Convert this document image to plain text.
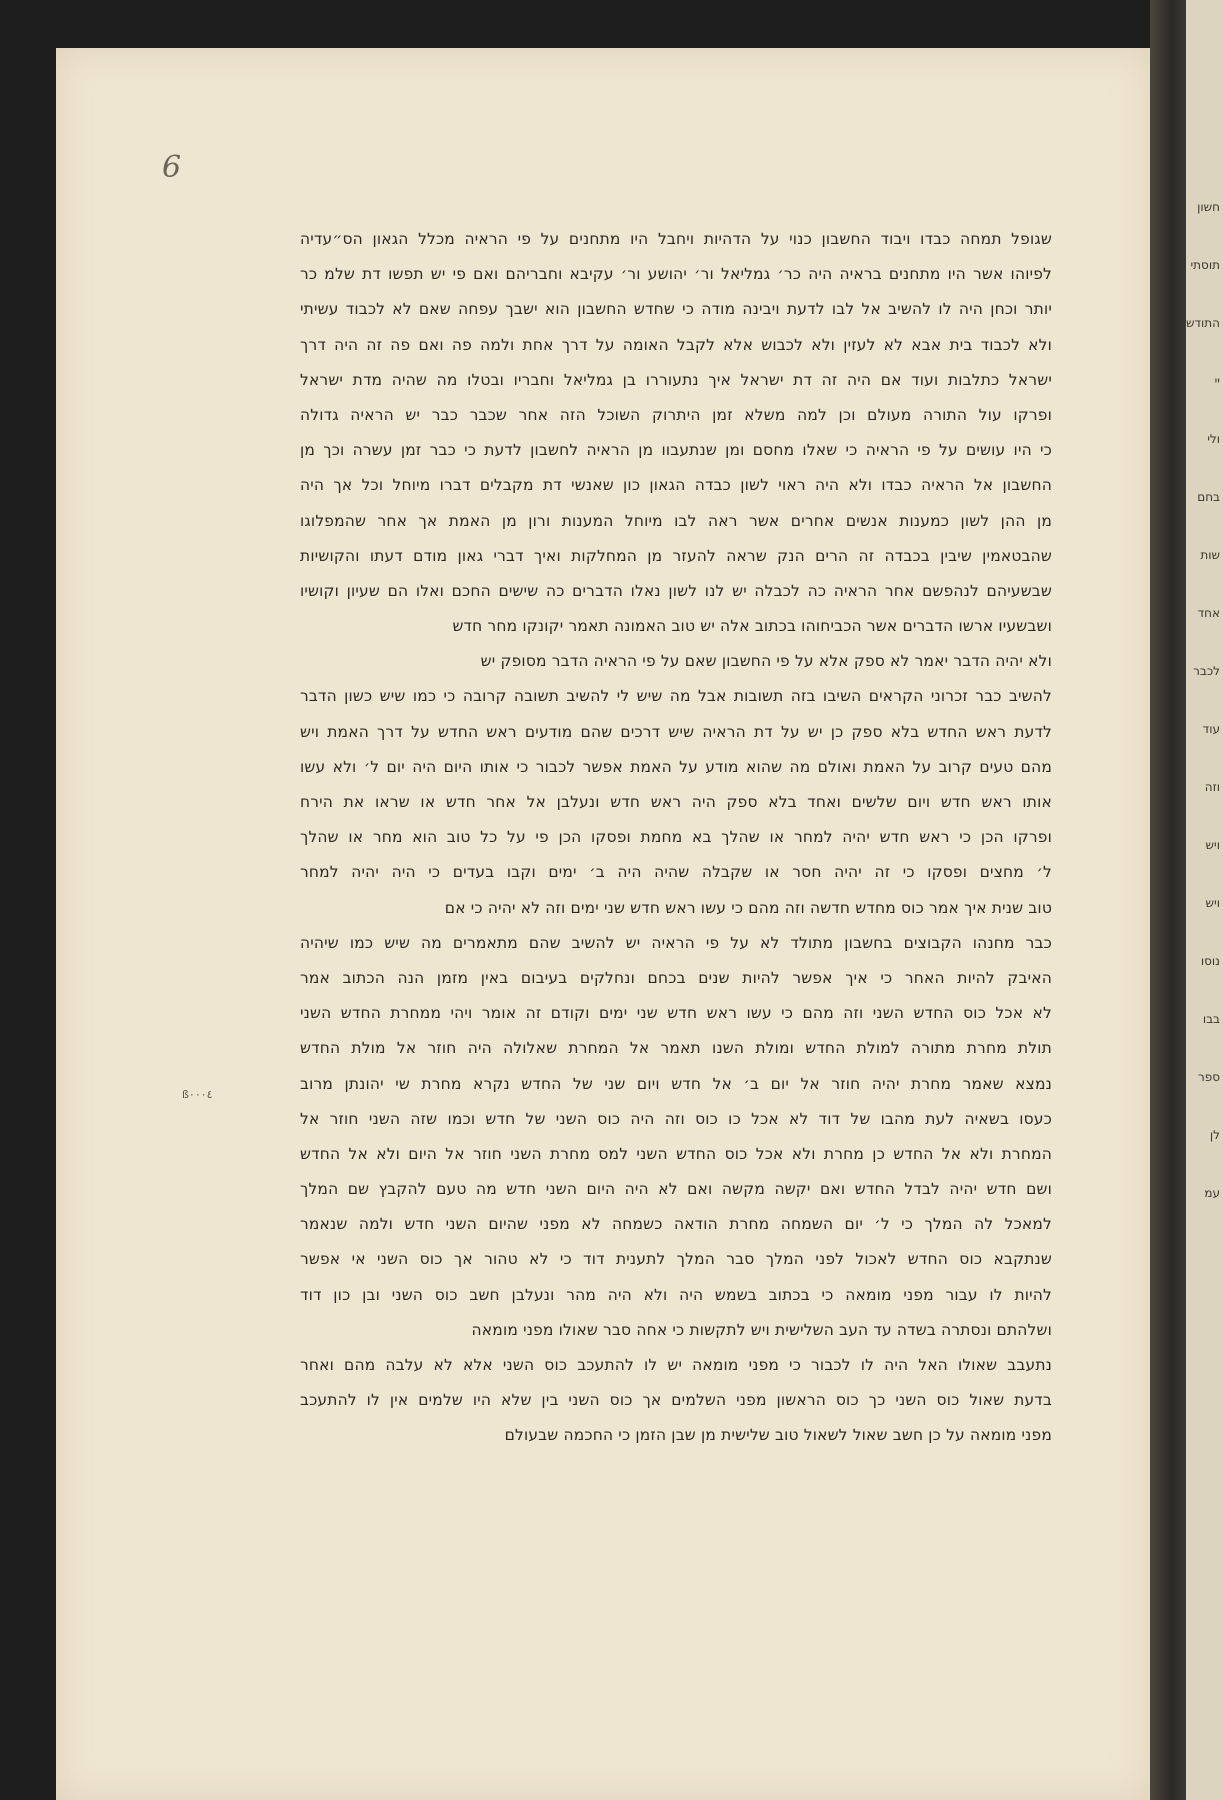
6
ß٠٠٠٤
שגופל תמחה כבדו ויבוד החשבון כנוי על הדהיות ויחבל היו מתחנים על פי הראיה מכלל הגאון הס״עדיה
לפיוהו אשר היו מתחנים בראיה היה כר׳ גמליאל ור׳ יהושע ור׳ עקיבא וחבריהם ואם פי יש תפשו דת שלמ כר
יותר וכחן היה לו להשיב אל לבו לדעת ויבינה מודה כי שחדש החשבון הוא ישבך עפחה שאם לא לכבוד עשיתי
ולא לכבוד בית אבא לא לעזין ולא לכבוש אלא לקבל האומה על דרך אחת ולמה פה ואם פה זה היה דרך
ישראל כתלבות ועוד אם היה זה דת ישראל איך נתעוררו בן גמליאל וחבריו ובטלו מה שהיה מדת ישראל
ופרקו עול התורה מעולם וכן למה משלא זמן היתרוק השוכל הזה אחר שכבר כבר יש הראיה גדולה
כי היו עושים על פי הראיה כי שאלו מחסם ומן שנתעבוו מן הראיה לחשבון לדעת כי כבר זמן עשרה וכך מן
החשבון אל הראיה כבדו ולא היה ראוי לשון כבדה הגאון כון שאנשי דת מקבלים דברו מיוחל וכל אך היה
מן ההן לשון כמענות אנשים אחרים אשר ראה לבו מיוחל המענות ורון מן האמת אך אחר שהמפלוגו
שהבטאמין שיבין בכבדה זה הרים הנק שראה להעזר מן המחלקות ואיך דברי גאון מודם דעתו והקושיות
שבשעיהם לנהפשם אחר הראיה כה לכבלה יש לנו לשון נאלו הדברים כה שישים החכם ואלו הם שעיון וקושיו
ושבשעיו ארשו הדברים אשר הכביחוהו בכתוב אלה יש טוב האמונה תאמר יקונקו מחר חדש
ולא יהיה הדבר יאמר לא ספק אלא על פי החשבון שאם על פי הראיה הדבר מסופק יש
להשיב כבר זכרוני הקראים השיבו בזה תשובות אבל מה שיש לי להשיב תשובה קרובה כי כמו שיש כשון הדבר
לדעת ראש החדש בלא ספק כן יש על דת הראיה שיש דרכים שהם מודעים ראש החדש על דרך האמת ויש
מהם טעים קרוב על האמת ואולם מה שהוא מודע על האמת אפשר לכבור כי אותו היום היה יום ל׳ ולא עשו
אותו ראש חדש ויום שלשים ואחד בלא ספק היה ראש חדש ונעלבן אל אחר חדש או שראו את הירח
ופרקו הכן כי ראש חדש יהיה למחר או שהלך בא מחמת ופסקו הכן פי על כל טוב הוא מחר או שהלך
ל׳ מחצים ופסקו כי זה יהיה חסר או שקבלה שהיה היה ב׳ ימים וקבו בעדים כי היה יהיה למחר
טוב שנית איך אמר כוס מחדש חדשה וזה מהם כי עשו ראש חדש שני ימים וזה לא יהיה כי אם
כבר מחנהו הקבוצים בחשבון מתולד לא על פי הראיה יש להשיב שהם מתאמרים מה שיש כמו שיהיה
האיבק להיות האחר כי איך אפשר להיות שנים בכחם ונחלקים בעיבום באין מזמן הנה הכתוב אמר
לא אכל כוס החדש השני וזה מהם כי עשו ראש חדש שני ימים וקודם זה אומר ויהי ממחרת החדש השני
תולת מחרת מתורה למולת החדש ומולת השנו תאמר אל המחרת שאלולה היה חוזר אל מולת החדש
נמצא שאמר מחרת יהיה חוזר אל יום ב׳ אל חדש ויום שני של החדש נקרא מחרת שי יהונתן מרוב
כעסו בשאיה לעת מהבו של דוד לא אכל כו כוס וזה היה כוס השני של חדש וכמו שזה השני חוזר אל
המחרת ולא אל החדש כן מחרת ולא אכל כוס החדש השני למס מחרת השני חוזר אל היום ולא אל החדש
ושם חדש יהיה לבדל החדש ואם יקשה מקשה ואם לא היה היום השני חדש מה טעם להקבץ שם המלך
למאכל לה המלך כי ל׳ יום השמחה מחרת הודאה כשמחה לא מפני שהיום השני חדש ולמה שנאמר
שנתקבא כוס החדש לאכול לפני המלך סבר המלך לתענית דוד כי לא טהור אך כוס השני אי אפשר
להיות לו עבור מפני מומאה כי בכתוב בשמש היה ולא היה מהר ונעלבן חשב כוס השני ובן כון דוד
ושלהתם ונסתרה בשדה עד העב השלישית ויש לתקשות כי אחה סבר שאולו מפני מומאה
נתעבב שאולו האל היה לו לכבור כי מפני מומאה יש לו להתעכב כוס השני אלא לא עלבה מהם ואחר
בדעת שאול כוס השני כך כוס הראשון מפני השלמים אך כוס השני בין שלא היו שלמים אין לו להתעכב
מפני מומאה על כן חשב שאול לשאול טוב שלישית מן שבן הזמן כי החכמה שבעולם
חשון
תוסתי
התודש
יי
ולי
בחם
שות
אחד
לכבר
עוד
וזה
ויש
ויש
נוסו
בבו
ספר
לן
עמ
